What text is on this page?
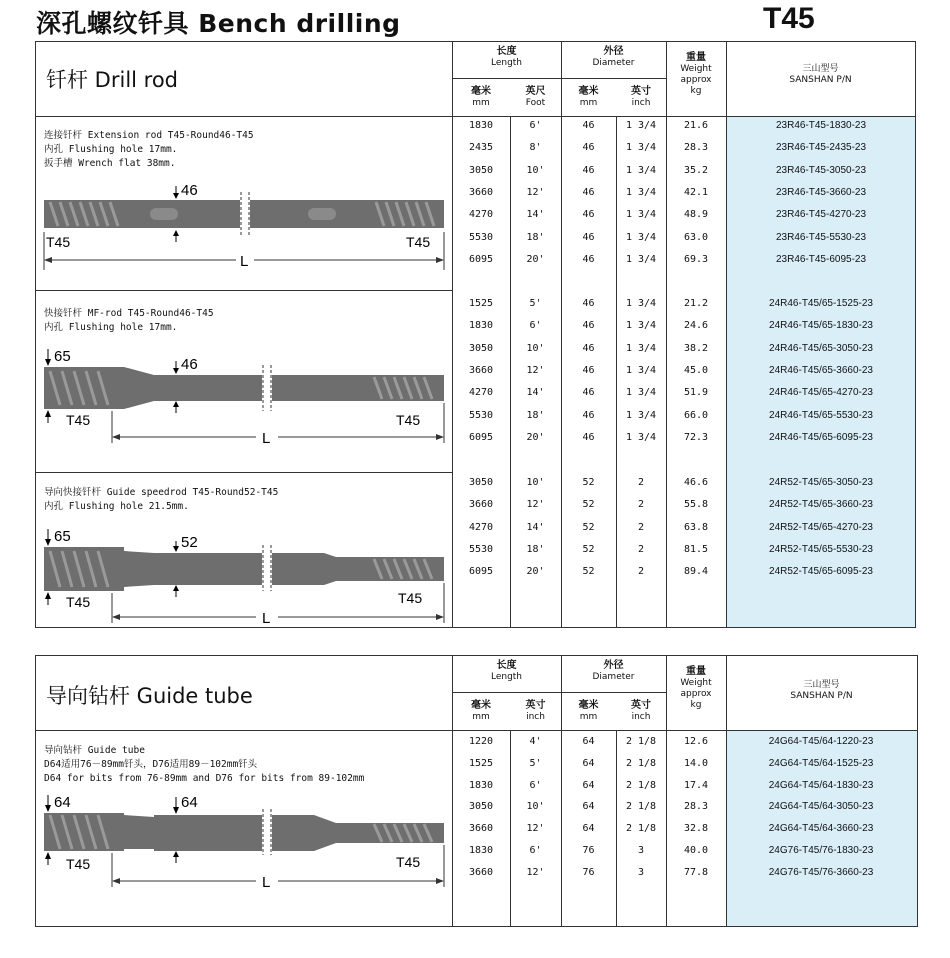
深孔螺纹钎具 Bench drilling	T45
钎杆 Drill rod
长度
Length
外径
Diameter
毫米
mm
英尺
Foot
毫米
mm
英寸
inch
重量
Weight
approx
kg
三山型号
SANSHAN P/N
连接钎杆 Extension rod T45-Round46-T45
内孔 Flushing hole 17mm.
扳手槽 Wrench flat 38mm.
46
T45	T45
L
快接钎杆 MF-rod T45-Round46-T45
内孔 Flushing hole 17mm.
65	46
T45	T45
L
导向快接钎杆 Guide speedrod T45-Round52-T45
内孔 Flushing hole 21.5mm.
65	52
T45	T45
L
1830	6'	46	1 3/4	21.6	23R46-T45-1830-23
2435	8'	46	1 3/4	28.3	23R46-T45-2435-23
3050	10'	46	1 3/4	35.2	23R46-T45-3050-23
3660	12'	46	1 3/4	42.1	23R46-T45-3660-23
4270	14'	46	1 3/4	48.9	23R46-T45-4270-23
5530	18'	46	1 3/4	63.0	23R46-T45-5530-23
6095	20'	46	1 3/4	69.3	23R46-T45-6095-23
1525	5'	46	1 3/4	21.2	24R46-T45/65-1525-23
1830	6'	46	1 3/4	24.6	24R46-T45/65-1830-23
3050	10'	46	1 3/4	38.2	24R46-T45/65-3050-23
3660	12'	46	1 3/4	45.0	24R46-T45/65-3660-23
4270	14'	46	1 3/4	51.9	24R46-T45/65-4270-23
5530	18'	46	1 3/4	66.0	24R46-T45/65-5530-23
6095	20'	46	1 3/4	72.3	24R46-T45/65-6095-23
3050	10'	52	2	46.6	24R52-T45/65-3050-23
3660	12'	52	2	55.8	24R52-T45/65-3660-23
4270	14'	52	2	63.8	24R52-T45/65-4270-23
5530	18'	52	2	81.5	24R52-T45/65-5530-23
6095	20'	52	2	89.4	24R52-T45/65-6095-23
导向钻杆 Guide tube
长度
Length
外径
Diameter
毫米
mm
英寸
inch
毫米
mm
英寸
inch
重量
Weight
approx
kg
三山型号
SANSHAN P/N
导向钻杆 Guide tube
D64适用76－89mm钎头，D76适用89－102mm钎头
D64 for bits from 76-89mm and D76 for bits from 89-102mm
64	64
T45	T45
L
1220	4'	64	2 1/8	12.6	24G64-T45/64-1220-23
1525	5'	64	2 1/8	14.0	24G64-T45/64-1525-23
1830	6'	64	2 1/8	17.4	24G64-T45/64-1830-23
3050	10'	64	2 1/8	28.3	24G64-T45/64-3050-23
3660	12'	64	2 1/8	32.8	24G64-T45/64-3660-23
1830	6'	76	3	40.0	24G76-T45/76-1830-23
3660	12'	76	3	77.8	24G76-T45/76-3660-23
